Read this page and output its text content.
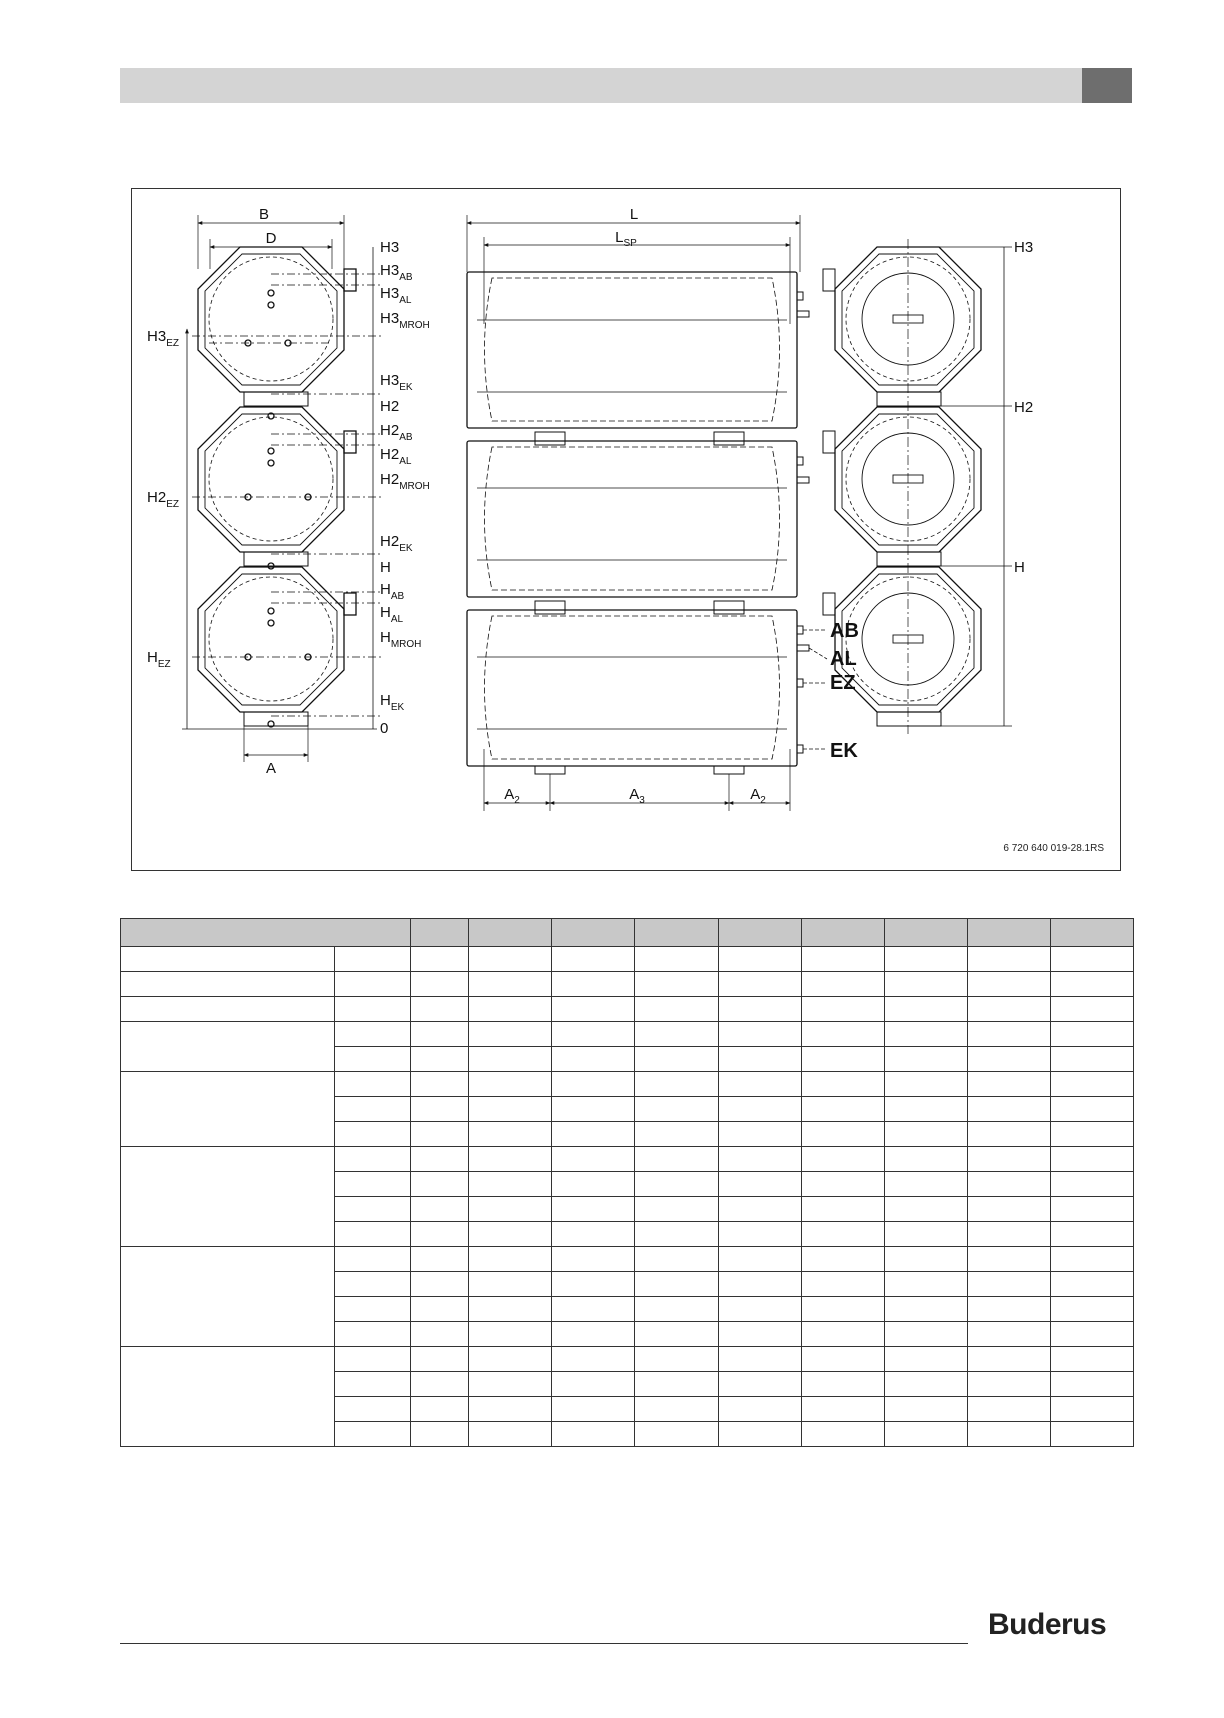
B
D
A
H3
$H3_{AB}$
$H3_{AL}$
$H3_{MROH}$
$H3_{EK}$
H2
$H2_{AB}$
$H2_{AL}$
$H2_{MROH}$
$H2_{EK}$
H
$H_{AB}$
$H_{AL}$
$H_{MROH}$
$H_{EK}$
0
$H3_{EZ}$
$H2_{EZ}$
$H_{EZ}$
L
$L_{SP}$
$A_2$	$A_3$	$A_2$
AB
AL
EZ
EK
H3
H2
H
6 720 640 019-28.1RS

Buderus
